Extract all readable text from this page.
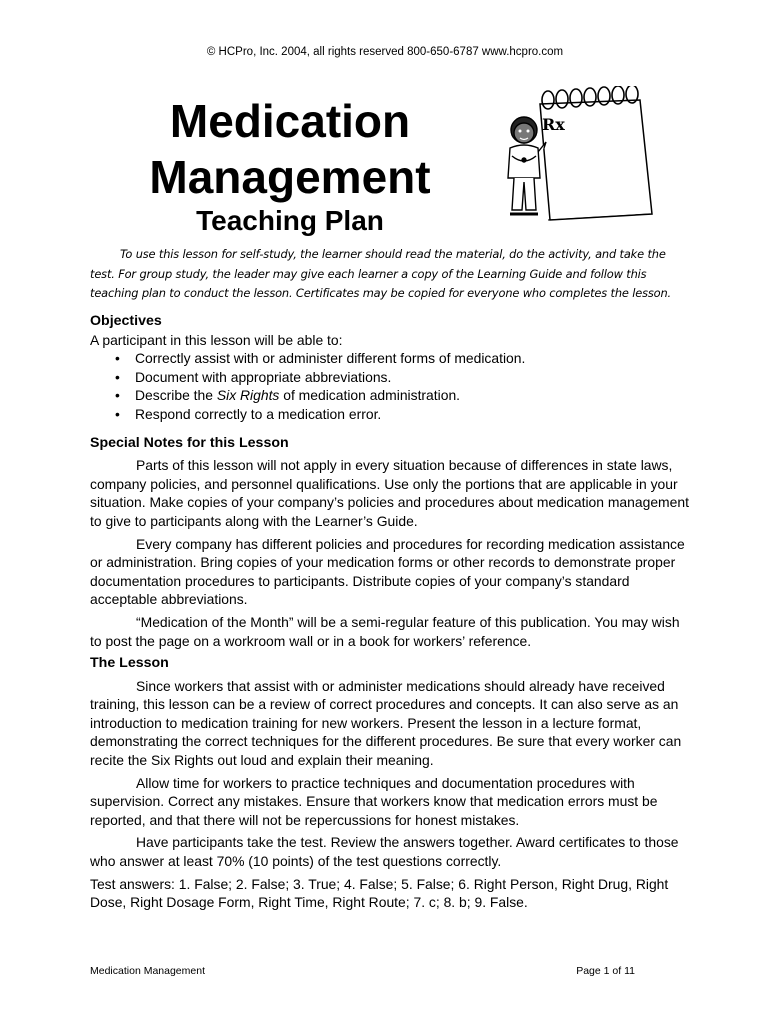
© HCPro, Inc. 2004, all rights reserved 800-650-6787 www.hcpro.com
Medication
Management
Teaching Plan
Rx

To use this lesson for self-study, the learner should read the material, do the activity, and take the test. For group study, the leader may give each learner a copy of the Learning Guide and follow this teaching plan to conduct the lesson. Certificates may be copied for everyone who completes the lesson.

Objectives

A participant in this lesson will be able to:

• Correctly assist with or administer different forms of medication.
• Document with appropriate abbreviations.
• Describe the Six Rights of medication administration.
• Respond correctly to a medication error.
Special Notes for this Lesson

Parts of this lesson will not apply in every situation because of differences in state laws, company policies, and personnel qualifications. Use only the portions that are applicable in your situation. Make copies of your company’s policies and procedures about medication management to give to participants along with the Learner’s Guide.

Every company has different policies and procedures for recording medication assistance or administration. Bring copies of your medication forms or other records to demonstrate proper documentation procedures to participants. Distribute copies of your company’s standard acceptable abbreviations.

“Medication of the Month” will be a semi-regular feature of this publication. You may wish to post the page on a workroom wall or in a book for workers’ reference.

The Lesson

Since workers that assist with or administer medications should already have received training, this lesson can be a review of correct procedures and concepts. It can also serve as an introduction to medication training for new workers. Present the lesson in a lecture format, demonstrating the correct techniques for the different procedures. Be sure that every worker can recite the Six Rights out loud and explain their meaning.

Allow time for workers to practice techniques and documentation procedures with supervision. Correct any mistakes. Ensure that workers know that medication errors must be reported, and that there will not be repercussions for honest mistakes.

Have participants take the test. Review the answers together. Award certificates to those who answer at least 70% (10 points) of the test questions correctly.

Test answers: 1. False; 2. False; 3. True; 4. False; 5. False; 6. Right Person, Right Drug, Right Dose, Right Dosage Form, Right Time, Right Route; 7. c; 8. b; 9. False.

Medication Management	Page 1 of 11
